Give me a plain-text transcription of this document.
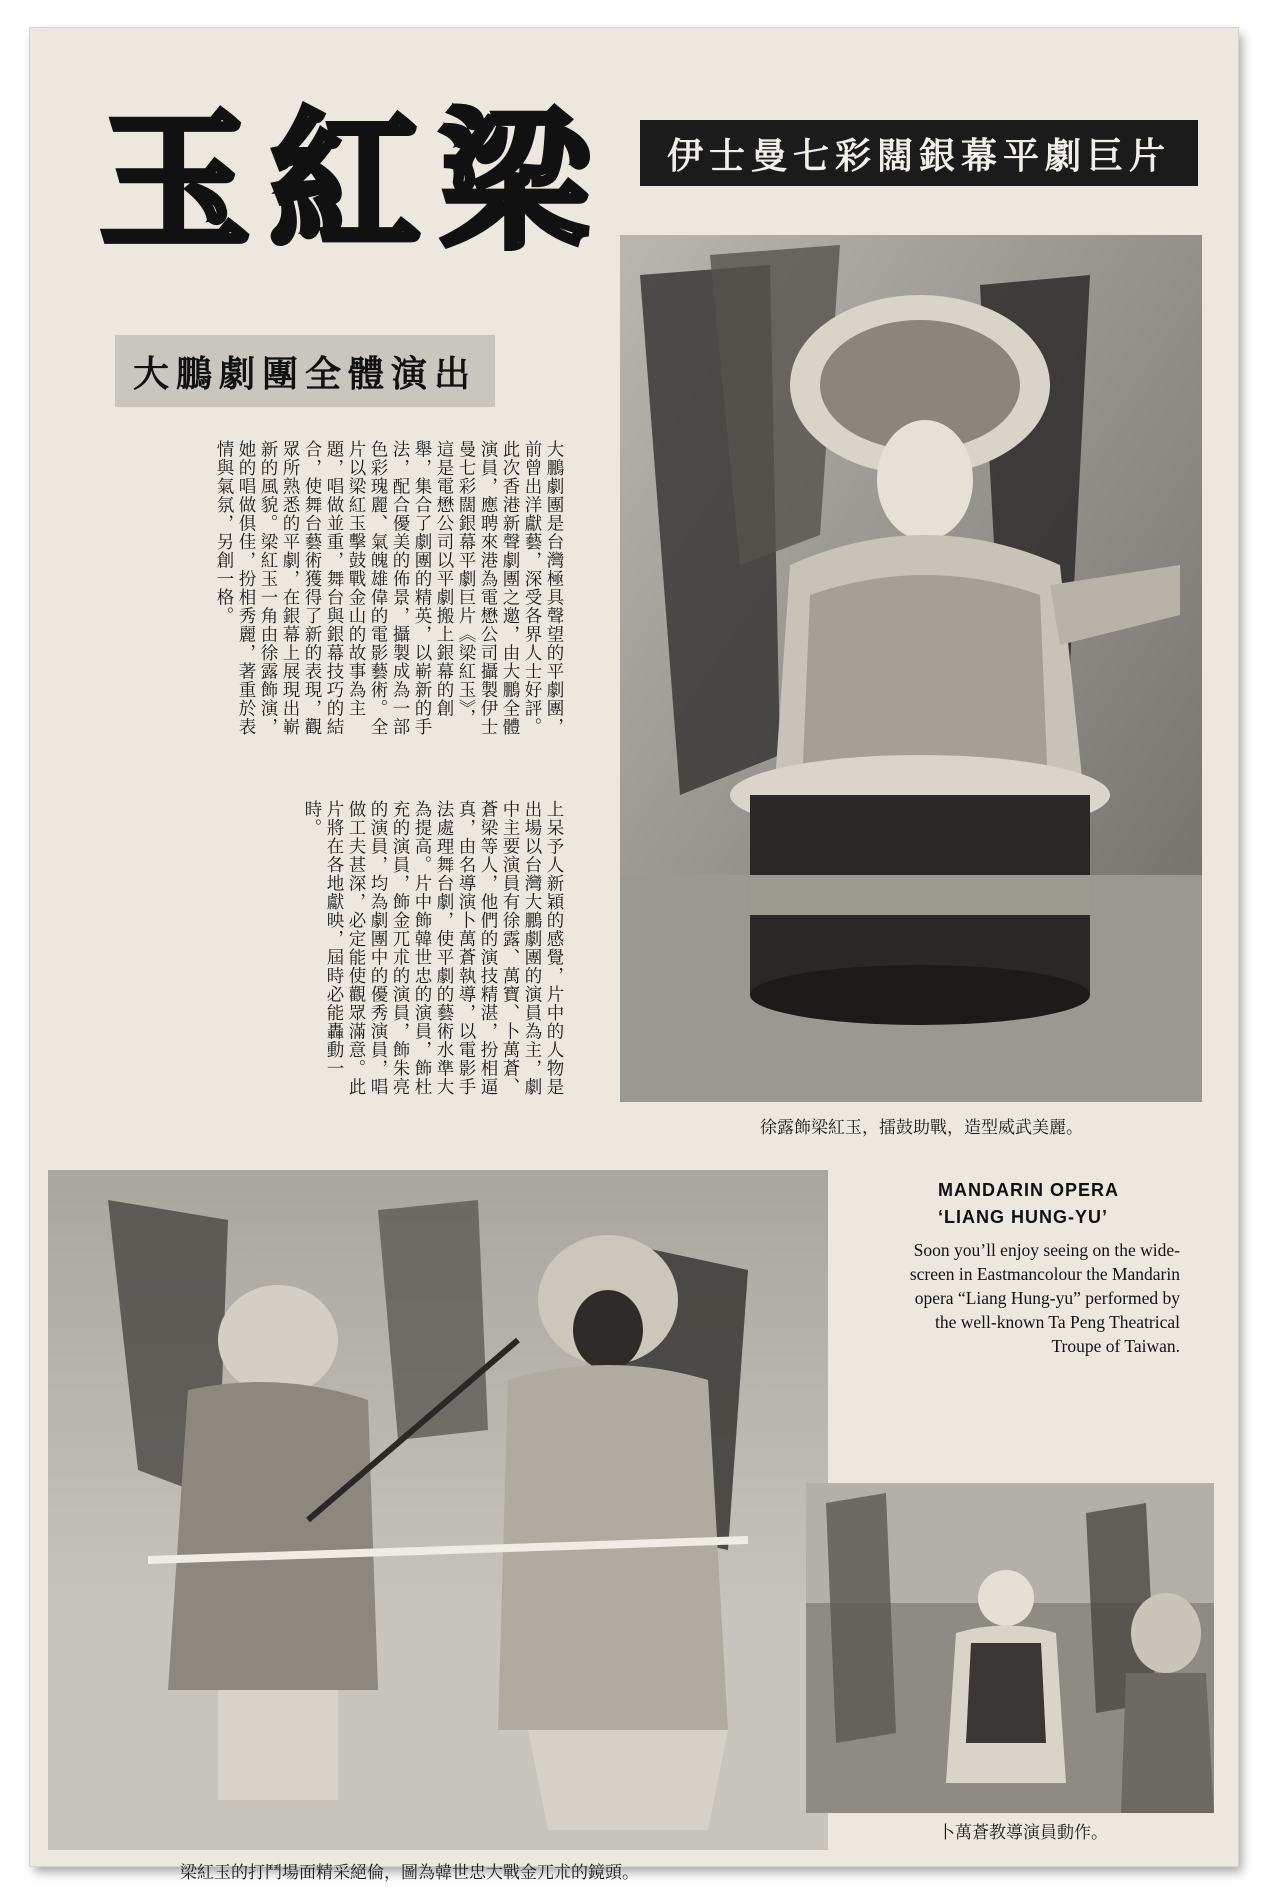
玉 紅 梁	伊士曼七彩闊銀幕平劇巨片
大鵬劇團全體演出
大鵬劇團是台灣極具聲望的平劇團，前曾出洋獻藝，深受各界人士好評。此次香港新聲劇團之邀，由大鵬全體演員，應聘來港為電懋公司攝製伊士曼七彩闊銀幕平劇巨片《梁紅玉》，這是電懋公司以平劇搬上銀幕的創舉，集合了劇團的精英，以嶄新的手法，配合優美的佈景，攝製成為一部色彩瑰麗、氣魄雄偉的電影藝術。全片以梁紅玉擊鼓戰金山的故事為主題，唱做並重，舞台與銀幕技巧的結合，使舞台藝術獲得了新的表現，觀眾所熟悉的平劇，在銀幕上展現出嶄新的風貌。梁紅玉一角由徐露飾演，她的唱做俱佳，扮相秀麗，著重於表情與氣氛，另創一格。
上呆予人新穎的感覺，片中的人物是出場以台灣大鵬劇團的演員為主，劇中主要演員有徐露、萬寶、卜萬蒼、蒼梁等人，他們的演技精湛，扮相逼真，由名導演卜萬蒼執導，以電影手法處理舞台劇，使平劇的藝術水準大為提高。片中飾韓世忠的演員，飾杜充的演員，飾金兀朮的演員，飾朱亮的演員，均為劇團中的優秀演員，唱做工夫甚深，必定能使觀眾滿意。此片將在各地獻映，屆時必能轟動一時。
徐露飾梁紅玉，擂鼓助戰，造型威武美麗。
梁紅玉的打鬥場面精采絕倫，圖為韓世忠大戰金兀朮的鏡頭。
MANDARIN OPERA
‘LIANG HUNG-YU’
Soon you’ll enjoy seeing on the wide-screen in Eastmancolour the Mandarin opera “Liang Hung-yu” performed by the well-known Ta Peng Theatrical Troupe of Taiwan.
卜萬蒼教導演員動作。
